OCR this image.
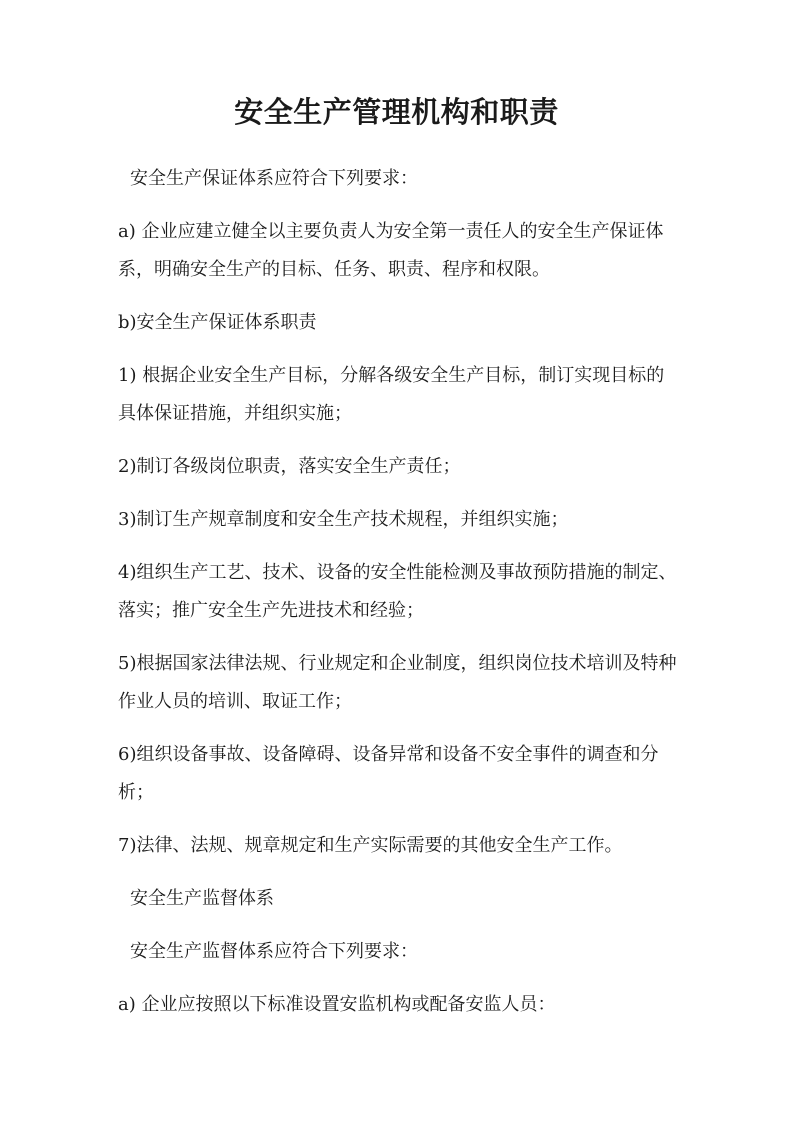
安全生产管理机构和职责

安全生产保证体系应符合下列要求：

a) 企业应建立健全以主要负责人为安全第一责任人的安全生产保证体系，明确安全生产的目标、任务、职责、程序和权限。

b)安全生产保证体系职责

1) 根据企业安全生产目标，分解各级安全生产目标，制订实现目标的具体保证措施，并组织实施；

2)制订各级岗位职责，落实安全生产责任；

3)制订生产规章制度和安全生产技术规程，并组织实施；

4)组织生产工艺、技术、设备的安全性能检测及事故预防措施的制定、落实；推广安全生产先进技术和经验；

5)根据国家法律法规、行业规定和企业制度，组织岗位技术培训及特种作业人员的培训、取证工作；

6)组织设备事故、设备障碍、设备异常和设备不安全事件的调查和分析；

7)法律、法规、规章规定和生产实际需要的其他安全生产工作。

安全生产监督体系

安全生产监督体系应符合下列要求：

a) 企业应按照以下标准设置安监机构或配备安监人员：
